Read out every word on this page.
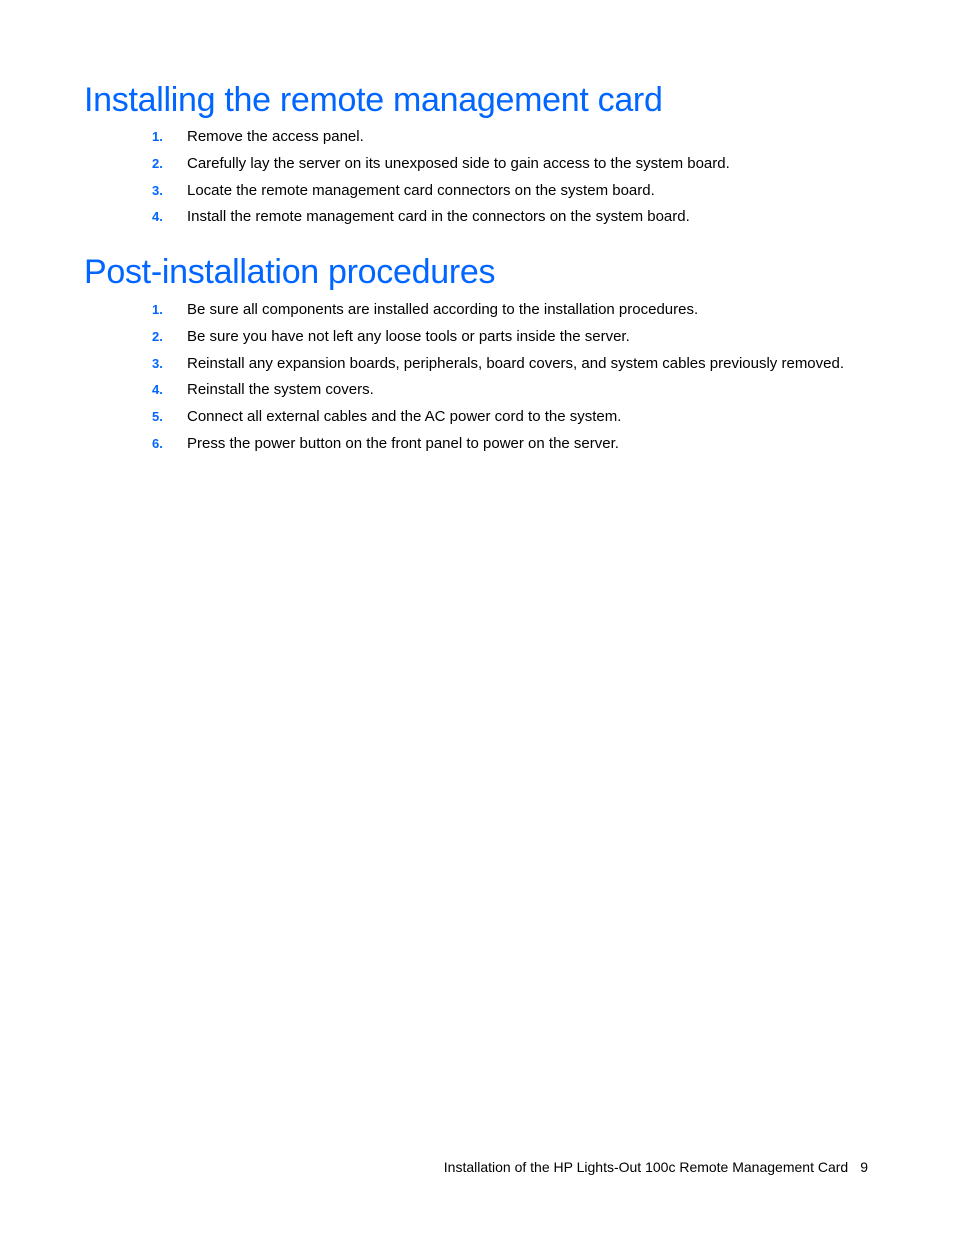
Installing the remote management card
1. Remove the access panel.
2. Carefully lay the server on its unexposed side to gain access to the system board.
3. Locate the remote management card connectors on the system board.
4. Install the remote management card in the connectors on the system board.
Post-installation procedures
1. Be sure all components are installed according to the installation procedures.
2. Be sure you have not left any loose tools or parts inside the server.
3. Reinstall any expansion boards, peripherals, board covers, and system cables previously removed.
4. Reinstall the system covers.
5. Connect all external cables and the AC power cord to the system.
6. Press the power button on the front panel to power on the server.
Installation of the HP Lights-Out 100c Remote Management Card 9
